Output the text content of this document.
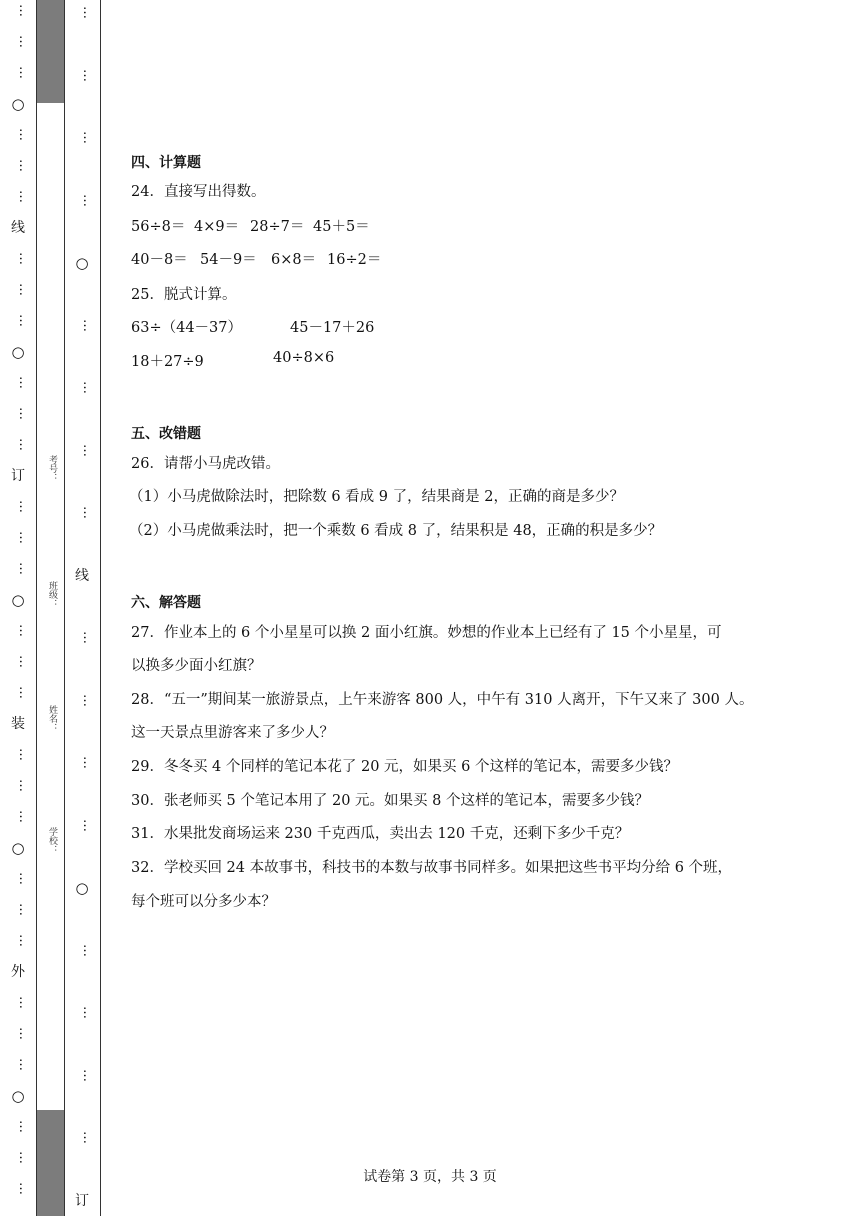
…
…
…
○
…
…
…
线
…
…
…
○
…
…
…
订
…
…
…
○
…
…
…
装
…
…
…
○
…
…
…
外
…
…
…
○
…
…
…
考号：
班级：
姓名：
学校：
…
…
…
…
○
…
…
…
…
线
…
…
…
…
○
…
…
…
…
订
四、计算题
24．直接写出得数。
56÷8＝ 4×9＝ 28÷7＝ 45＋5＝
40－8＝ 54－9＝ 6×8＝ 16÷2＝
25．脱式计算。
63÷（44－37）	45－17＋26
18＋27÷9	40÷8×6
五、改错题
26．请帮小马虎改错。
（1）小马虎做除法时，把除数 6 看成 9 了，结果商是 2，正确的商是多少？
（2）小马虎做乘法时，把一个乘数 6 看成 8 了，结果积是 48，正确的积是多少？
六、解答题
27．作业本上的 6 个小星星可以换 2 面小红旗。妙想的作业本上已经有了 15 个小星星，可
以换多少面小红旗？
28．“五一”期间某一旅游景点，上午来游客 800 人，中午有 310 人离开，下午又来了 300 人。
这一天景点里游客来了多少人？
29．冬冬买 4 个同样的笔记本花了 20 元，如果买 6 个这样的笔记本，需要多少钱？
30．张老师买 5 个笔记本用了 20 元。如果买 8 个这样的笔记本，需要多少钱？
31．水果批发商场运来 230 千克西瓜，卖出去 120 千克，还剩下多少千克？
32．学校买回 24 本故事书，科技书的本数与故事书同样多。如果把这些书平均分给 6 个班，
每个班可以分多少本？
试卷第 3 页，共 3 页
